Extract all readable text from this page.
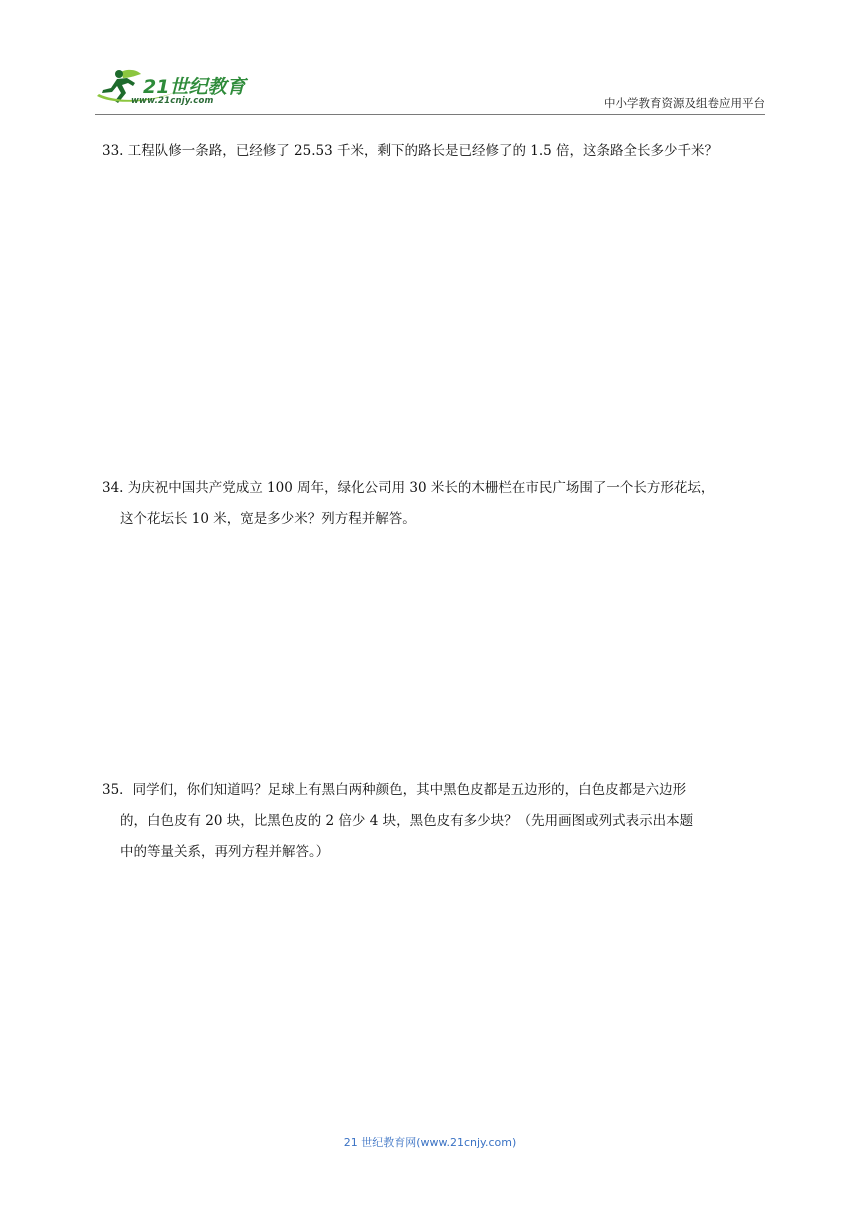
21世纪教育
www.21cnjy.com	中小学教育资源及组卷应用平台
33. 工程队修一条路，已经修了 25.53 千米，剩下的路长是已经修了的 1.5 倍，这条路全长多少千米？
34. 为庆祝中国共产党成立 100 周年，绿化公司用 30 米长的木栅栏在市民广场围了一个长方形花坛，
这个花坛长 10 米，宽是多少米？列方程并解答。
35．同学们，你们知道吗？足球上有黑白两种颜色，其中黑色皮都是五边形的，白色皮都是六边形
的，白色皮有 20 块，比黑色皮的 2 倍少 4 块，黑色皮有多少块？（先用画图或列式表示出本题
中的等量关系，再列方程并解答。）
21 世纪教育网(www.21cnjy.com)
